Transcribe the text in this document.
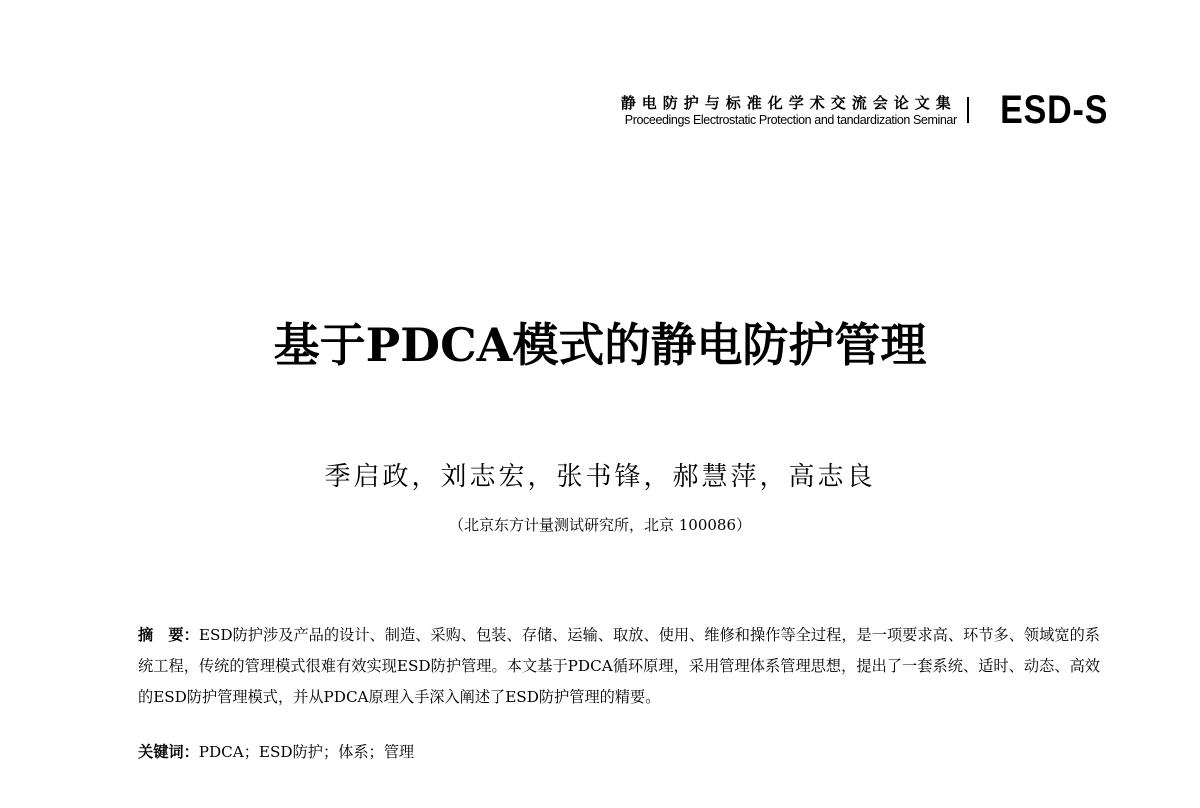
静电防护与标准化学术交流会论文集
Proceedings Electrostatic Protection and tandardization Seminar ESD-S
基于PDCA模式的静电防护管理
季启政，刘志宏，张书锋，郝慧萍，高志良
（北京东方计量测试研究所，北京 100086）
摘　要：ESD防护涉及产品的设计、制造、采购、包装、存储、运输、取放、使用、维修和操作等全过程，是一项要求高、环节多、领域宽的系统工程，传统的管理模式很难有效实现ESD防护管理。本文基于PDCA循环原理，采用管理体系管理思想，提出了一套系统、适时、动态、高效的ESD防护管理模式，并从PDCA原理入手深入阐述了ESD防护管理的精要。
关键词：PDCA；ESD防护；体系；管理
